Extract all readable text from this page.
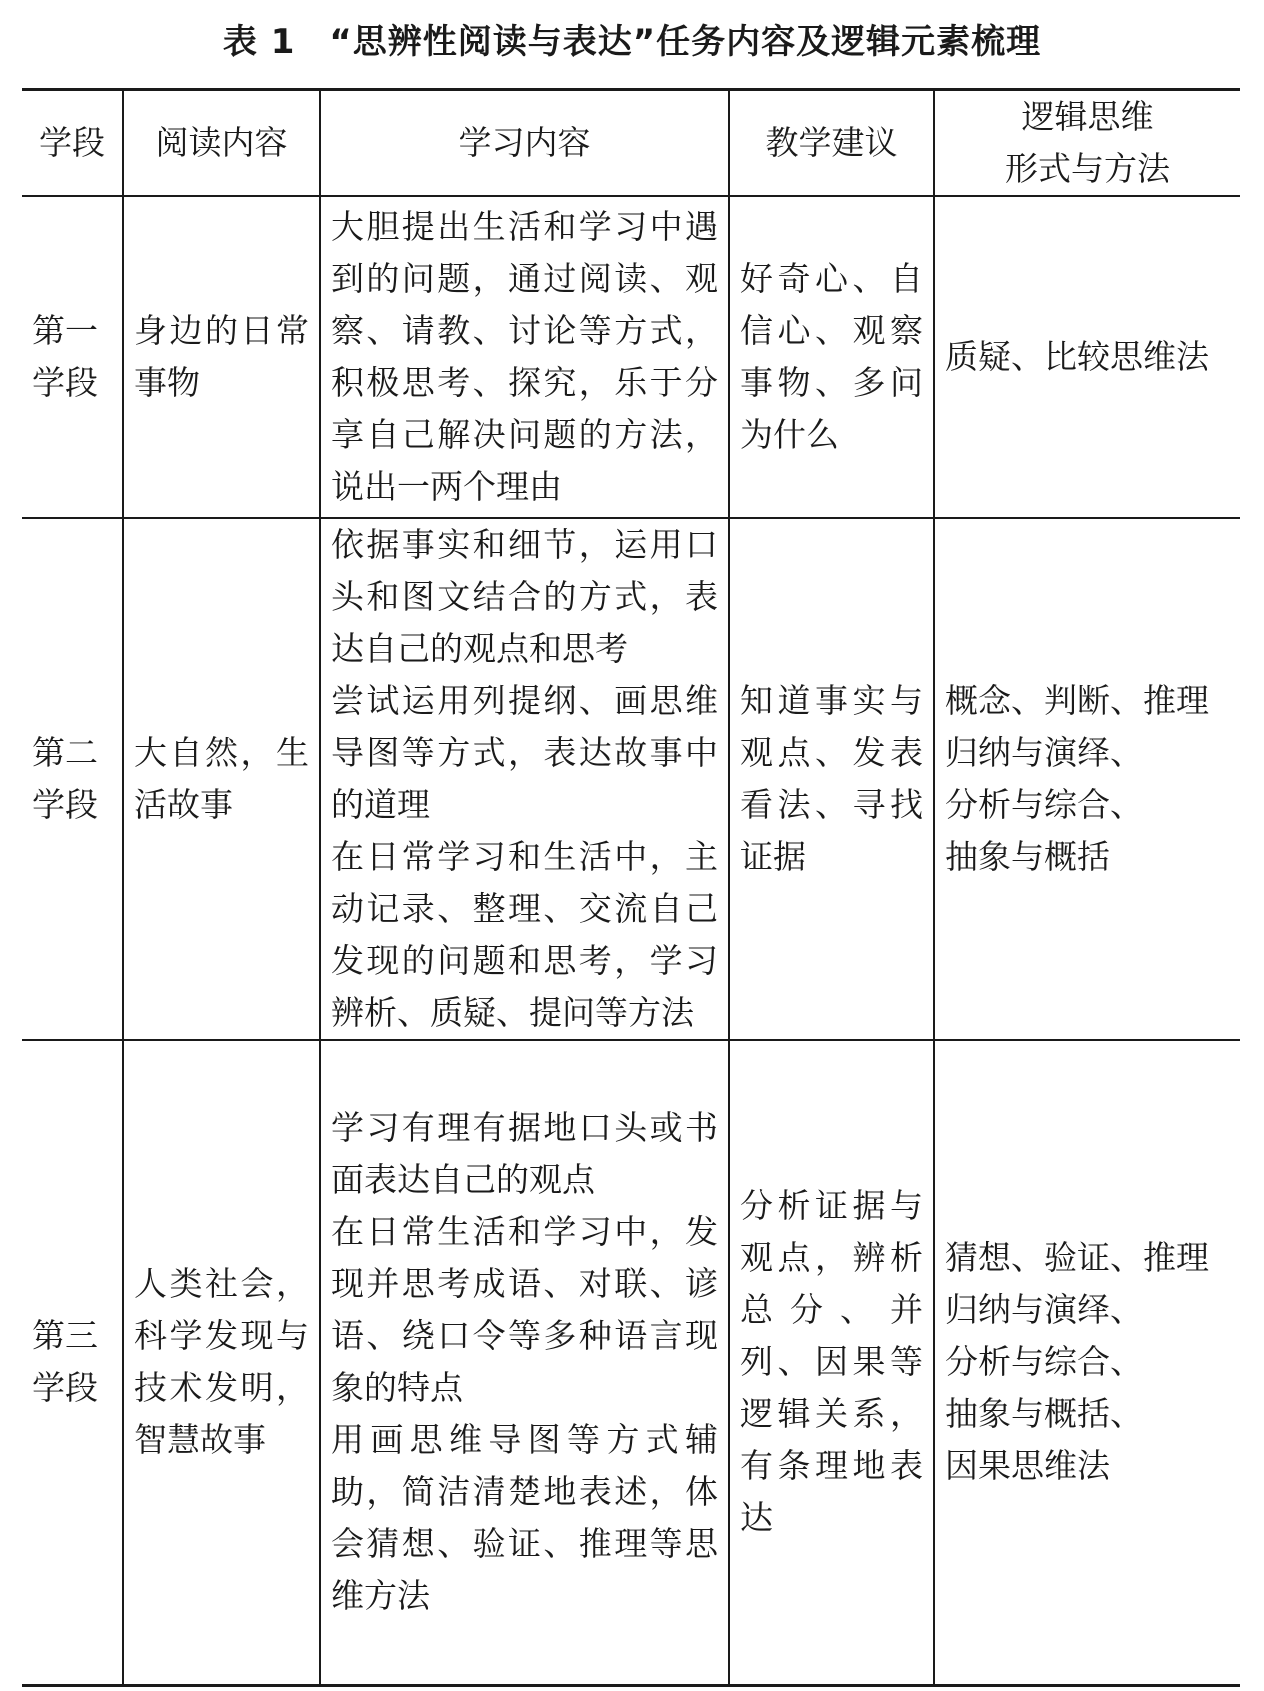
表 1 “思辨性阅读与表达”任务内容及逻辑元素梳理
学段	阅读内容	学习内容	教学建议	逻辑思维
形式与方法

第一
学段	身边的日常事物	大胆提出生活和学习中遇到的问题，通过阅读、观察、请教、讨论等方式，积极思考、探究，乐于分享自己解决问题的方法，说出一两个理由	好奇心、自信心、观察事物、多问为什么	质疑、比较思维法

第二
学段	大自然，生活故事	依据事实和细节，运用口头和图文结合的方式，表达自己的观点和思考
尝试运用列提纲、画思维导图等方式，表达故事中的道理
在日常学习和生活中，主动记录、整理、交流自己发现的问题和思考，学习辨析、质疑、提问等方法	知道事实与观点、发表看法、寻找证据	概念、判断、推理
归纳与演绎、
分析与综合、
抽象与概括

第三
学段	人类社会，科学发现与技术发明，智慧故事	学习有理有据地口头或书面表达自己的观点
在日常生活和学习中，发现并思考成语、对联、谚语、绕口令等多种语言现象的特点
用画思维导图等方式辅助，简洁清楚地表述，体会猜想、验证、推理等思维方法	分析证据与观点，辨析总分、并列、因果等逻辑关系，有条理地表达	猜想、验证、推理
归纳与演绎、
分析与综合、
抽象与概括、
因果思维法
